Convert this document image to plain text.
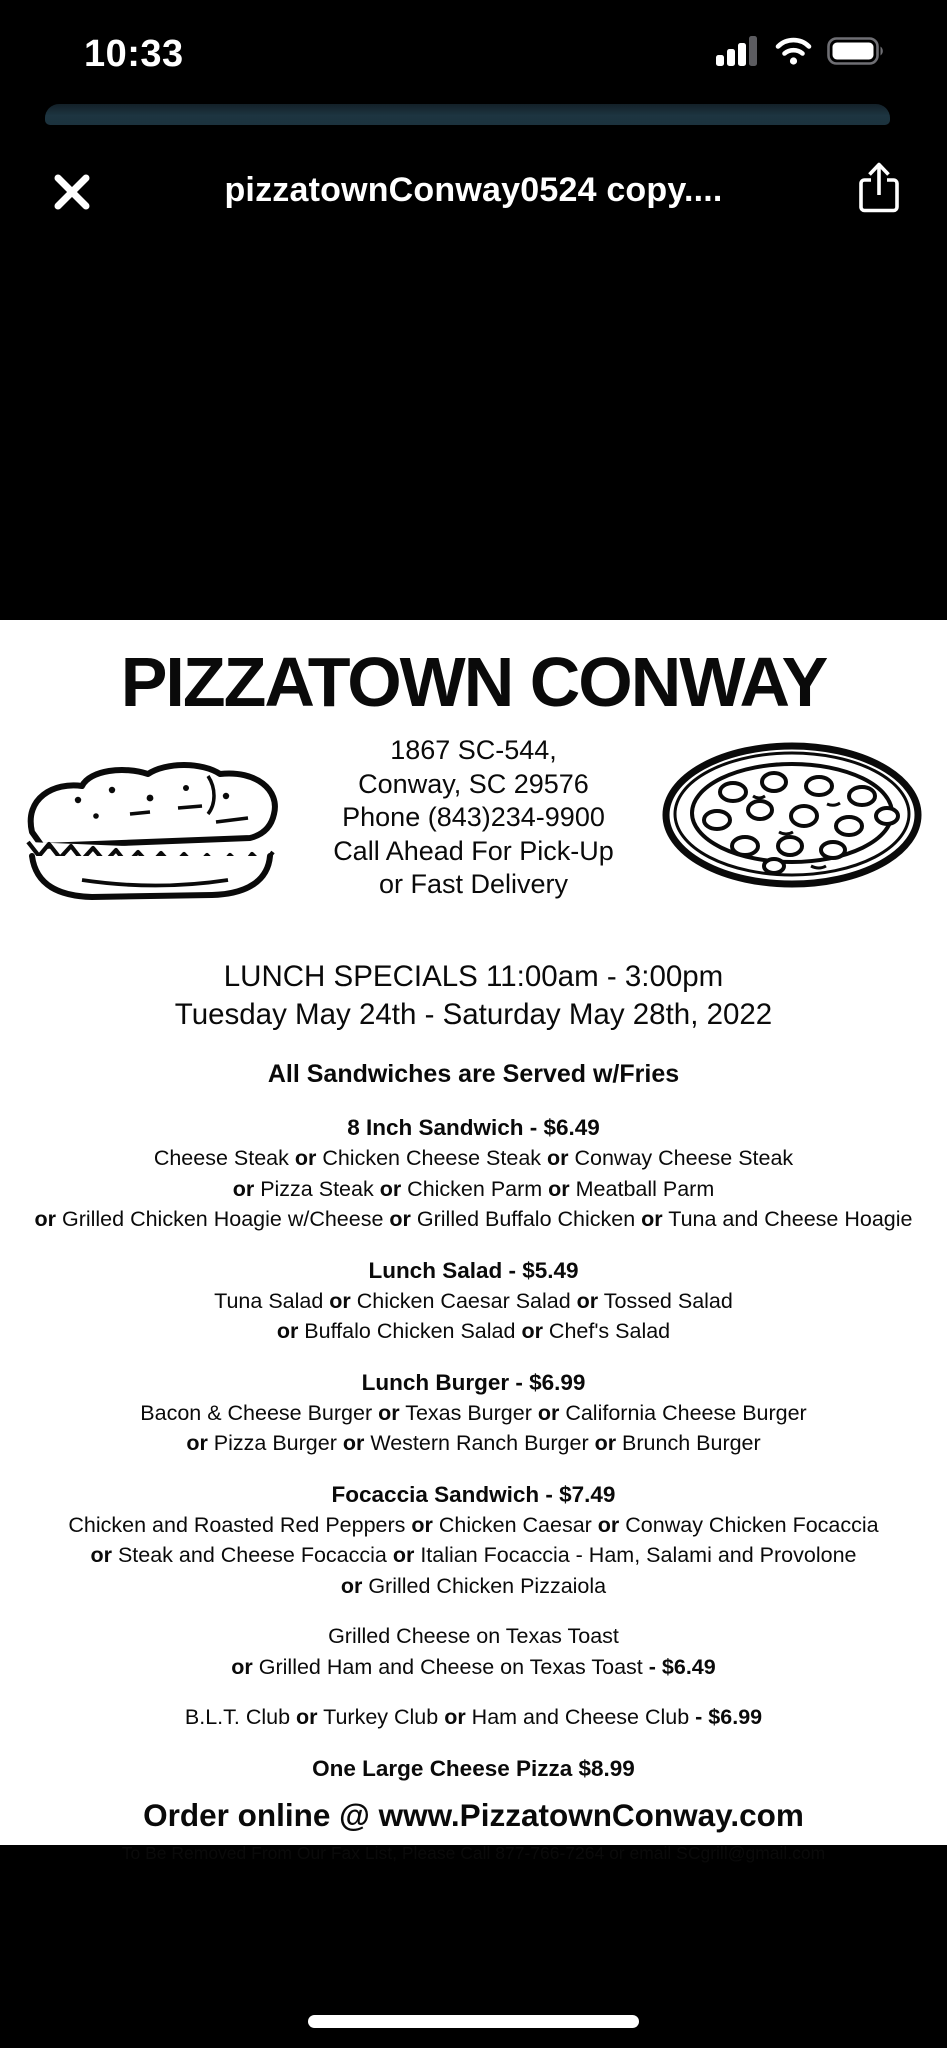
10:33
pizzatownConway0524 copy....
PIZZATOWN CONWAY
1867 SC-544,
Conway, SC 29576
Phone (843)234-9900
Call Ahead For Pick-Up
or Fast Delivery
LUNCH SPECIALS 11:00am - 3:00pm
Tuesday May 24th - Saturday May 28th, 2022
All Sandwiches are Served w/Fries
8 Inch Sandwich - $6.49
Cheese Steak or Chicken Cheese Steak or Conway Cheese Steak
or Pizza Steak or Chicken Parm or Meatball Parm
or Grilled Chicken Hoagie w/Cheese or Grilled Buffalo Chicken or Tuna and Cheese Hoagie
Lunch Salad - $5.49
Tuna Salad or Chicken Caesar Salad or Tossed Salad
or Buffalo Chicken Salad or Chef's Salad
Lunch Burger - $6.99
Bacon & Cheese Burger or Texas Burger or California Cheese Burger
or Pizza Burger or Western Ranch Burger or Brunch Burger
Focaccia Sandwich - $7.49
Chicken and Roasted Red Peppers or Chicken Caesar or Conway Chicken Focaccia
or Steak and Cheese Focaccia or Italian Focaccia - Ham, Salami and Provolone
or Grilled Chicken Pizzaiola
Grilled Cheese on Texas Toast
or Grilled Ham and Cheese on Texas Toast - $6.49
B.L.T. Club or Turkey Club or Ham and Cheese Club - $6.99
One Large Cheese Pizza $8.99
Order online @ www.PizzatownConway.com
To Be Removed From Our Fax List, Please Call 877-766-7264 or email SCgrill@gmail.com
